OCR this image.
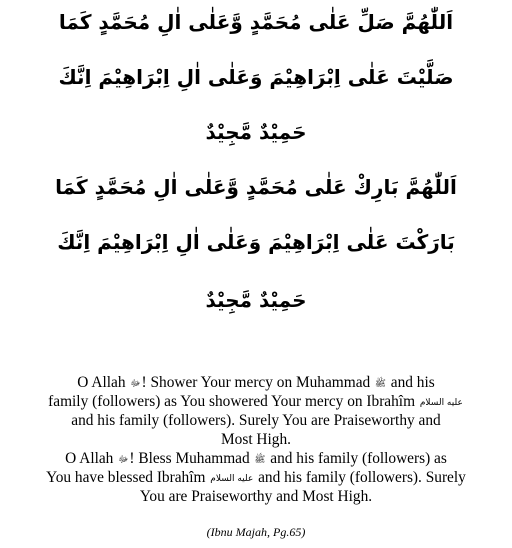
اَللّٰهُمَّ صَلِّ عَلٰى مُحَمَّدٍ وَّعَلٰى اٰلِ مُحَمَّدٍ كَمَا
صَلَّيْتَ عَلٰى اِبْرَاهِيْمَ وَعَلٰى اٰلِ اِبْرَاهِيْمَ اِنَّكَ
حَمِيْدٌ مَّجِيْدٌ
اَللّٰهُمَّ بَارِكْ عَلٰى مُحَمَّدٍ وَّعَلٰى اٰلِ مُحَمَّدٍ كَمَا
بَارَكْتَ عَلٰى اِبْرَاهِيْمَ وَعَلٰى اٰلِ اِبْرَاهِيْمَ اِنَّكَ
حَمِيْدٌ مَّجِيْدٌ
O Allah ﷻ! Shower Your mercy on Muhammad ﷺ and his
family (followers) as You showered Your mercy on Ibrahîm عليه السلام
and his family (followers). Surely You are Praiseworthy and
Most High.
O Allah ﷻ! Bless Muhammad ﷺ and his family (followers) as
You have blessed Ibrahîm عليه السلام and his family (followers). Surely
You are Praiseworthy and Most High.
(Ibnu Majah, Pg.65)
